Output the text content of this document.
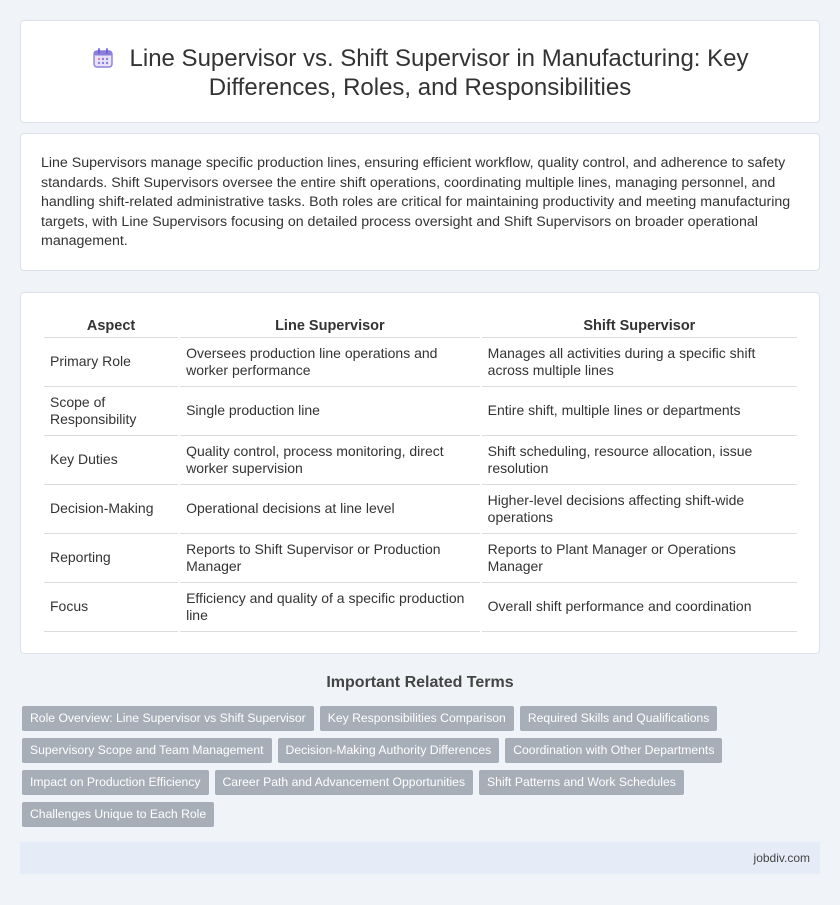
Line Supervisor vs. Shift Supervisor in Manufacturing: Key Differences, Roles, and Responsibilities

Line Supervisors manage specific production lines, ensuring efficient workflow, quality control, and adherence to safety standards. Shift Supervisors oversee the entire shift operations, coordinating multiple lines, managing personnel, and handling shift-related administrative tasks. Both roles are critical for maintaining productivity and meeting manufacturing targets, with Line Supervisors focusing on detailed process oversight and Shift Supervisors on broader operational management.

Aspect	Line Supervisor	Shift Supervisor
Primary Role	Oversees production line operations and worker performance	Manages all activities during a specific shift across multiple lines
Scope of Responsibility	Single production line	Entire shift, multiple lines or departments
Key Duties	Quality control, process monitoring, direct worker supervision	Shift scheduling, resource allocation, issue resolution
Decision-Making	Operational decisions at line level	Higher-level decisions affecting shift-wide operations
Reporting	Reports to Shift Supervisor or Production Manager	Reports to Plant Manager or Operations Manager
Focus	Efficiency and quality of a specific production line	Overall shift performance and coordination
Important Related Terms
Role Overview: Line Supervisor vs Shift Supervisor Key Responsibilities Comparison Required Skills and Qualifications
Supervisory Scope and Team Management Decision-Making Authority Differences Coordination with Other Departments
Impact on Production Efficiency Career Path and Advancement Opportunities Shift Patterns and Work Schedules
Challenges Unique to Each Role
jobdiv.com
